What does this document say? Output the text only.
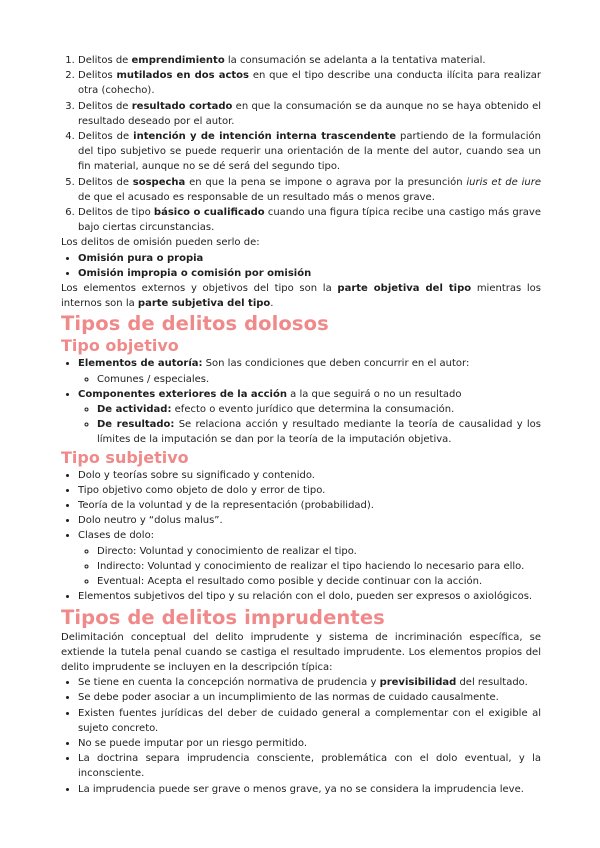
1. Delitos de emprendimiento la consumación se adelanta a la tentativa material.
2. Delitos mutilados en dos actos en que el tipo describe una conducta ilícita para realizar otra (cohecho).
3. Delitos de resultado cortado en que la consumación se da aunque no se haya obtenido el resultado deseado por el autor.
4. Delitos de intención y de intención interna trascendente partiendo de la formulación del tipo subjetivo se puede requerir una orientación de la mente del autor, cuando sea un fin material, aunque no se dé será del segundo tipo.
5. Delitos de sospecha en que la pena se impone o agrava por la presunción iuris et de iure de que el acusado es responsable de un resultado más o menos grave.
6. Delitos de tipo básico o cualificado cuando una figura típica recibe una castigo más grave bajo ciertas circunstancias.

Los delitos de omisión pueden serlo de:

• Omisión pura o propia
• Omisión impropia o comisión por omisión

Los elementos externos y objetivos del tipo son la parte objetiva del tipo mientras los internos son la parte subjetiva del tipo.

Tipos de delitos dolosos
Tipo objetivo
• Elementos de autoría: Son las condiciones que deben concurrir en el autor:
◦ Comunes / especiales.
• Componentes exteriores de la acción a la que seguirá o no un resultado
◦ De actividad: efecto o evento jurídico que determina la consumación.
◦ De resultado: Se relaciona acción y resultado mediante la teoría de causalidad y los límites de la imputación se dan por la teoría de la imputación objetiva.
Tipo subjetivo
• Dolo y teorías sobre su significado y contenido.
• Tipo objetivo como objeto de dolo y error de tipo.
• Teoría de la voluntad y de la representación (probabilidad).
• Dolo neutro y “dolus malus”.
• Clases de dolo:
◦ Directo: Voluntad y conocimiento de realizar el tipo.
◦ Indirecto: Voluntad y conocimiento de realizar el tipo haciendo lo necesario para ello.
◦ Eventual: Acepta el resultado como posible y decide continuar con la acción.
• Elementos subjetivos del tipo y su relación con el dolo, pueden ser expresos o axiológicos.
Tipos de delitos imprudentes

Delimitación conceptual del delito imprudente y sistema de incriminación específica, se extiende la tutela penal cuando se castiga el resultado imprudente. Los elementos propios del delito imprudente se incluyen en la descripción típica:

• Se tiene en cuenta la concepción normativa de prudencia y previsibilidad del resultado.
• Se debe poder asociar a un incumplimiento de las normas de cuidado causalmente.
• Existen fuentes jurídicas del deber de cuidado general a complementar con el exigible al sujeto concreto.
• No se puede imputar por un riesgo permitido.
• La doctrina separa imprudencia consciente, problemática con el dolo eventual, y la inconsciente.
• La imprudencia puede ser grave o menos grave, ya no se considera la imprudencia leve.
